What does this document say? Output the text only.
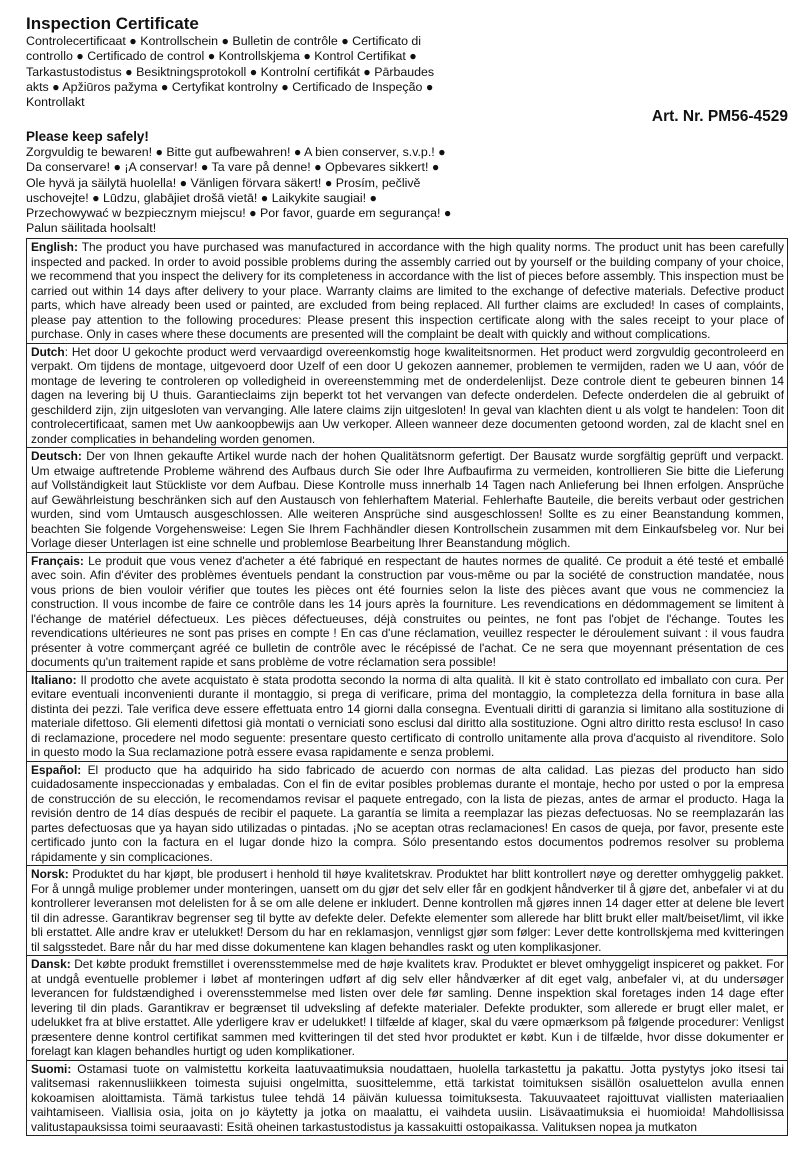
Inspection Certificate
Controlecertificaat ● Kontrollschein ● Bulletin de contrôle ● Certificato di controllo ● Certificado de control ● Kontrollskjema ● Kontrol Certifikat ● Tarkastustodistus ● Besiktningsprotokoll ● Kontrolní certifikát ● Pārbaudes akts ● Apžiūros pažyma ● Certyfikat kontrolny ● Certificado de Inspeção ● Kontrollakt
Art. Nr. PM56-4529
Please keep safely!
Zorgvuldig te bewaren! ● Bitte gut aufbewahren! ● A bien conserver, s.v.p.! ● Da conservare! ● ¡A conservar! ● Ta vare på denne! ● Opbevares sikkert! ● Ole hyvä ja säilytä huolella! ● Vänligen förvara säkert! ● Prosím, pečlivě uschovejte! ● Lūdzu, glabājiet drošā vietā! ● Laikykite saugiai! ● Przechowywać w bezpiecznym miejscu! ● Por favor, guarde em segurança! ● Palun säilitada hoolsalt!
English: The product you have purchased was manufactured in accordance with the high quality norms. The product unit has been carefully inspected and packed. In order to avoid possible problems during the assembly carried out by yourself or the building company of your choice, we recommend that you inspect the delivery for its completeness in accordance with the list of pieces before assembly. This inspection must be carried out within 14 days after delivery to your place. Warranty claims are limited to the exchange of defective materials. Defective product parts, which have already been used or painted, are excluded from being replaced. All further claims are excluded! In cases of complaints, please pay attention to the following procedures: Please present this inspection certificate along with the sales receipt to your place of purchase. Only in cases where these documents are presented will the complaint be dealt with quickly and without complications.
Dutch: Het door U gekochte product werd vervaardigd overeenkomstig hoge kwaliteitsnormen. Het product werd zorgvuldig gecontroleerd en verpakt. Om tijdens de montage, uitgevoerd door Uzelf of een door U gekozen aannemer, problemen te vermijden, raden we U aan, vóór de montage de levering te controleren op volledigheid in overeenstemming met de onderdelenlijst. Deze controle dient te gebeuren binnen 14 dagen na levering bij U thuis. Garantieclaims zijn beperkt tot het vervangen van defecte onderdelen. Defecte onderdelen die al gebruikt of geschilderd zijn, zijn uitgesloten van vervanging. Alle latere claims zijn uitgesloten! In geval van klachten dient u als volgt te handelen: Toon dit controlecertificaat, samen met Uw aankoopbewijs aan Uw verkoper. Alleen wanneer deze documenten getoond worden, zal de klacht snel en zonder complicaties in behandeling worden genomen.
Deutsch: Der von Ihnen gekaufte Artikel wurde nach der hohen Qualitätsnorm gefertigt. Der Bausatz wurde sorgfältig geprüft und verpackt. Um etwaige auftretende Probleme während des Aufbaus durch Sie oder Ihre Aufbaufirma zu vermeiden, kontrollieren Sie bitte die Lieferung auf Vollständigkeit laut Stückliste vor dem Aufbau. Diese Kontrolle muss innerhalb 14 Tagen nach Anlieferung bei Ihnen erfolgen. Ansprüche auf Gewährleistung beschränken sich auf den Austausch von fehlerhaftem Material. Fehlerhafte Bauteile, die bereits verbaut oder gestrichen wurden, sind vom Umtausch ausgeschlossen. Alle weiteren Ansprüche sind ausgeschlossen! Sollte es zu einer Beanstandung kommen, beachten Sie folgende Vorgehensweise: Legen Sie Ihrem Fachhändler diesen Kontrollschein zusammen mit dem Einkaufsbeleg vor. Nur bei Vorlage dieser Unterlagen ist eine schnelle und problemlose Bearbeitung Ihrer Beanstandung möglich.
Français: Le produit que vous venez d'acheter a été fabriqué en respectant de hautes normes de qualité. Ce produit a été testé et emballé avec soin. Afin d'éviter des problèmes éventuels pendant la construction par vous-même ou par la société de construction mandatée, nous vous prions de bien vouloir vérifier que toutes les pièces ont été fournies selon la liste des pièces avant que vous ne commenciez la construction. Il vous incombe de faire ce contrôle dans les 14 jours après la fourniture. Les revendications en dédommagement se limitent à l'échange de matériel défectueux. Les pièces défectueuses, déjà construites ou peintes, ne font pas l'objet de l'échange. Toutes les revendications ultérieures ne sont pas prises en compte ! En cas d'une réclamation, veuillez respecter le déroulement suivant : il vous faudra présenter à votre commerçant agréé ce bulletin de contrôle avec le récépissé de l'achat. Ce ne sera que moyennant présentation de ces documents qu'un traitement rapide et sans problème de votre réclamation sera possible!
Italiano: Il prodotto che avete acquistato è stata prodotta secondo la norma di alta qualità. Il kit è stato controllato ed imballato con cura. Per evitare eventuali inconvenienti durante il montaggio, si prega di verificare, prima del montaggio, la completezza della fornitura in base alla distinta dei pezzi. Tale verifica deve essere effettuata entro 14 giorni dalla consegna. Eventuali diritti di garanzia si limitano alla sostituzione di materiale difettoso. Gli elementi difettosi già montati o verniciati sono esclusi dal diritto alla sostituzione. Ogni altro diritto resta escluso! In caso di reclamazione, procedere nel modo seguente: presentare questo certificato di controllo unitamente alla prova d'acquisto al rivenditore. Solo in questo modo la Sua reclamazione potrà essere evasa rapidamente e senza problemi.
Español: El producto que ha adquirido ha sido fabricado de acuerdo con normas de alta calidad. Las piezas del producto han sido cuidadosamente inspeccionadas y embaladas. Con el fin de evitar posibles problemas durante el montaje, hecho por usted o por la empresa de construcción de su elección, le recomendamos revisar el paquete entregado, con la lista de piezas, antes de armar el producto. Haga la revisión dentro de 14 días después de recibir el paquete. La garantía se limita a reemplazar las piezas defectuosas. No se reemplazarán las partes defectuosas que ya hayan sido utilizadas o pintadas. ¡No se aceptan otras reclamaciones! En casos de queja, por favor, presente este certificado junto con la factura en el lugar donde hizo la compra. Sólo presentando estos documentos podremos resolver su problema rápidamente y sin complicaciones.
Norsk: Produktet du har kjøpt, ble produsert i henhold til høye kvalitetskrav. Produktet har blitt kontrollert nøye og deretter omhyggelig pakket. For å unngå mulige problemer under monteringen, uansett om du gjør det selv eller får en godkjent håndverker til å gjøre det, anbefaler vi at du kontrollerer leveransen mot delelisten for å se om alle delene er inkludert. Denne kontrollen må gjøres innen 14 dager etter at delene ble levert til din adresse. Garantikrav begrenser seg til bytte av defekte deler. Defekte elementer som allerede har blitt brukt eller malt/beiset/limt, vil ikke bli erstattet. Alle andre krav er utelukket! Dersom du har en reklamasjon, vennligst gjør som følger: Lever dette kontrollskjema med kvitteringen til salgsstedet. Bare når du har med disse dokumentene kan klagen behandles raskt og uten komplikasjoner.
Dansk: Det købte produkt fremstillet i overensstemmelse med de høje kvalitets krav. Produktet er blevet omhyggeligt inspiceret og pakket. For at undgå eventuelle problemer i løbet af monteringen udført af dig selv eller håndværker af dit eget valg, anbefaler vi, at du undersøger leverancen for fuldstændighed i overensstemmelse med listen over dele før samling. Denne inspektion skal foretages inden 14 dage efter levering til din plads. Garantikrav er begrænset til udveksling af defekte materialer. Defekte produkter, som allerede er brugt eller malet, er udelukket fra at blive erstattet. Alle yderligere krav er udelukket! I tilfælde af klager, skal du være opmærksom på følgende procedurer: Venligst præsentere denne kontrol certifikat sammen med kvitteringen til det sted hvor produktet er købt. Kun i de tilfælde, hvor disse dokumenter er forelagt kan klagen behandles hurtigt og uden komplikationer.
Suomi: Ostamasi tuote on valmistettu korkeita laatuvaatimuksia noudattaen, huolella tarkastettu ja pakattu. Jotta pystytys joko itsesi tai valitsemasi rakennusliikkeen toimesta sujuisi ongelmitta, suosittelemme, että tarkistat toimituksen sisällön osaluettelon avulla ennen kokoamisen aloittamista. Tämä tarkistus tulee tehdä 14 päivän kuluessa toimituksesta. Takuuvaateet rajoittuvat viallisten materiaalien vaihtamiseen. Viallisia osia, joita on jo käytetty ja jotka on maalattu, ei vaihdeta uusiin. Lisävaatimuksia ei huomioida! Mahdollisissa valitustapauksissa toimi seuraavasti: Esitä oheinen tarkastustodistus ja kassakuitti ostopaikassa. Valituksen nopea ja mutkaton
